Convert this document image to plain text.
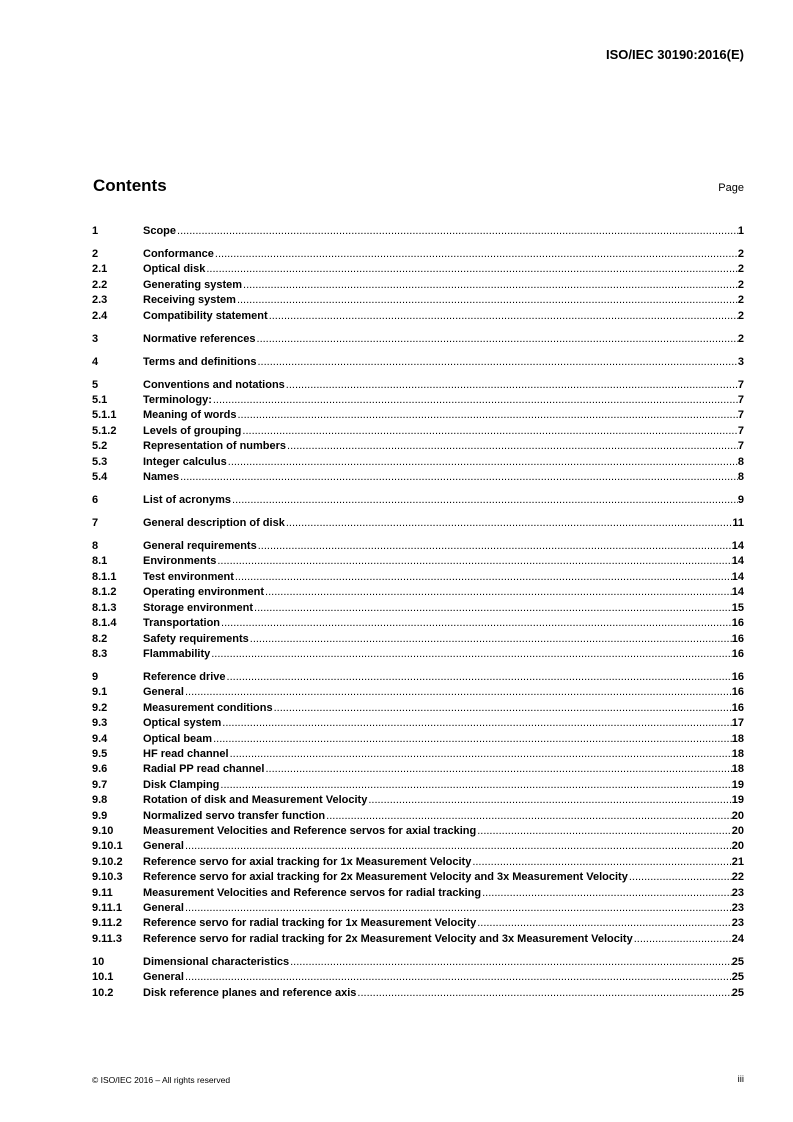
ISO/IEC 30190:2016(E)
Contents	Page
1	Scope .....	1
2	Conformance .....	2
2.1	Optical disk .....	2
2.2	Generating system .....	2
2.3	Receiving system .....	2
2.4	Compatibility statement .....	2
3	Normative references .....	2
4	Terms and definitions .....	3
5	Conventions and notations .....	7
5.1	Terminology: .....	7
5.1.1	Meaning of words .....	7
5.1.2	Levels of grouping .....	7
5.2	Representation of numbers .....	7
5.3	Integer calculus .....	8
5.4	Names .....	8
6	List of acronyms .....	9
7	General description of disk .....	11
8	General requirements .....	14
8.1	Environments .....	14
8.1.1	Test environment .....	14
8.1.2	Operating environment .....	14
8.1.3	Storage environment .....	15
8.1.4	Transportation .....	16
8.2	Safety requirements .....	16
8.3	Flammability .....	16
9	Reference drive .....	16
9.1	General .....	16
9.2	Measurement conditions .....	16
9.3	Optical system .....	17
9.4	Optical beam .....	18
9.5	HF read channel .....	18
9.6	Radial PP read channel .....	18
9.7	Disk Clamping .....	19
9.8	Rotation of disk and Measurement Velocity .....	19
9.9	Normalized servo transfer function .....	20
9.10	Measurement Velocities and Reference servos for axial tracking .....	20
9.10.1	General .....	20
9.10.2	Reference servo for axial tracking for 1x Measurement Velocity .....	21
9.10.3	Reference servo for axial tracking for 2x Measurement Velocity and 3x Measurement Velocity .....	22
9.11	Measurement Velocities and Reference servos for radial tracking .....	23
9.11.1	General .....	23
9.11.2	Reference servo for radial tracking for 1x Measurement Velocity .....	23
9.11.3	Reference servo for radial tracking for 2x Measurement Velocity and 3x Measurement Velocity .....	24
10	Dimensional characteristics .....	25
10.1	General .....	25
10.2	Disk reference planes and reference axis .....	25
© ISO/IEC 2016 – All rights reserved	iii
